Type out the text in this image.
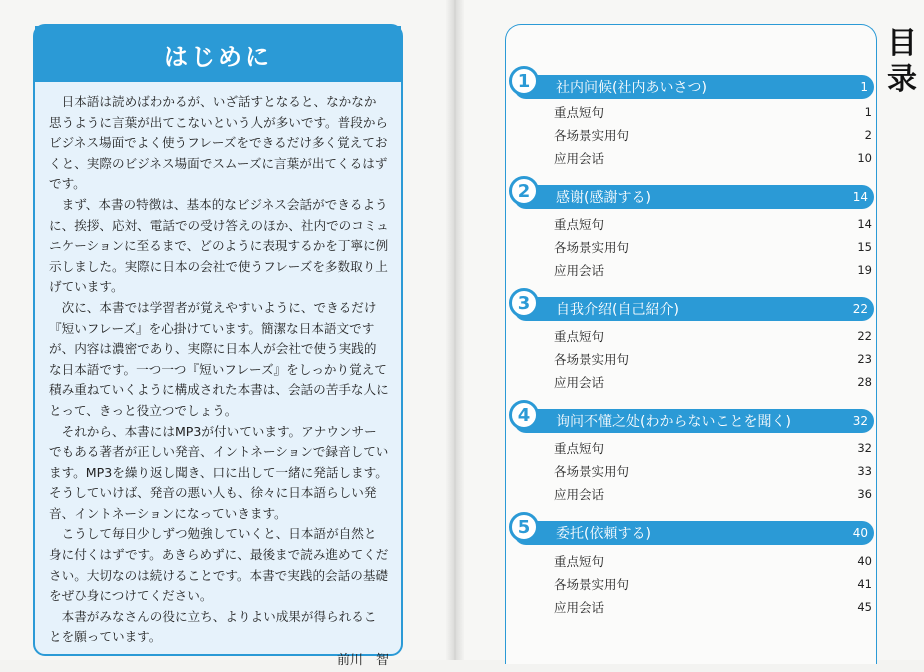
はじめに

日本語は読めばわかるが、いざ話すとなると、なかなか思うように言葉が出てこないという人が多いです。普段からビジネス場面でよく使うフレーズをできるだけ多く覚えておくと、実際のビジネス場面でスムーズに言葉が出てくるはずです。

まず、本書の特徴は、基本的なビジネス会話ができるように、挨拶、応対、電話での受け答えのほか、社内でのコミュニケーションに至るまで、どのように表現するかを丁寧に例示しました。実際に日本の会社で使うフレーズを多数取り上げています。

次に、本書では学習者が覚えやすいように、できるだけ『短いフレーズ』を心掛けています。簡潔な日本語文ですが、内容は濃密であり、実際に日本人が会社で使う実践的な日本語です。一つ一つ『短いフレーズ』をしっかり覚えて積み重ねていくように構成された本書は、会話の苦手な人にとって、きっと役立つでしょう。

それから、本書にはMP3が付いています。アナウンサーでもある著者が正しい発音、イントネーションで録音しています。MP3を繰り返し聞き、口に出して一緒に発話します。そうしていけば、発音の悪い人も、徐々に日本語らしい発音、イントネーションになっていきます。

こうして毎日少しずつ勉強していくと、日本語が自然と身に付くはずです。あきらめずに、最後まで読み進めてください。大切なのは続けることです。本書で実践的会話の基礎をぜひ身につけてください。

本書がみなさんの役に立ち、よりよい成果が得られることを願っています。

前川　智
目录
社内问候(社内あいさつ)	1
1
重点短句	1
各场景实用句	2
应用会话	10
感谢(感謝する)	14
2
重点短句	14
各场景实用句	15
应用会话	19
自我介绍(自己紹介)	22
3
重点短句	22
各场景实用句	23
应用会话	28
询问不懂之处(わからないことを聞く)	32
4
重点短句	32
各场景实用句	33
应用会话	36
委托(依頼する)	40
5
重点短句	40
各场景实用句	41
应用会话	45
